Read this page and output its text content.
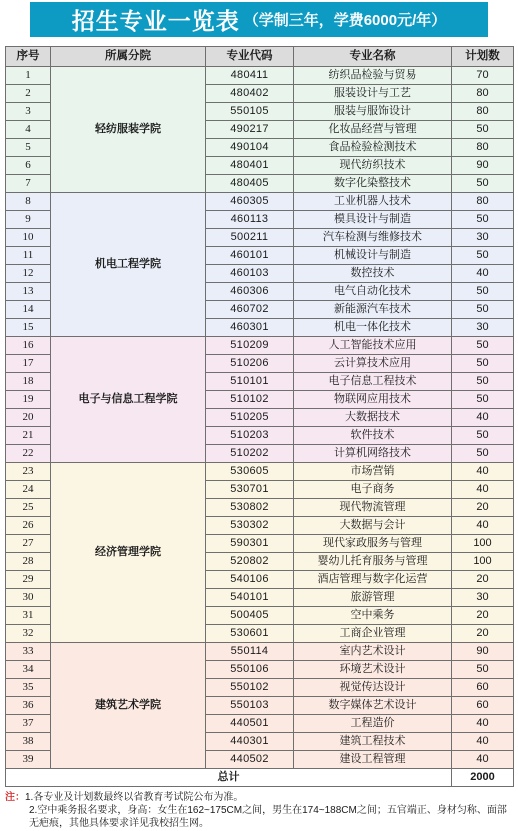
招生专业一览表 （学制三年，学费6000元/年）
序号	所属分院	专业代码	专业名称	计划数
1	轻纺服装学院	480411	纺织品检验与贸易	70
2		480402	服装设计与工艺	80
3		550105	服装与服饰设计	80
4		490217	化妆品经营与管理	50
5		490104	食品检验检测技术	80
6		480401	现代纺织技术	90
7		480405	数字化染整技术	50
8	机电工程学院	460305	工业机器人技术	80
9		460113	模具设计与制造	50
10		500211	汽车检测与维修技术	30
11		460101	机械设计与制造	50
12		460103	数控技术	40
13		460306	电气自动化技术	50
14		460702	新能源汽车技术	50
15		460301	机电一体化技术	30
16	电子与信息工程学院	510209	人工智能技术应用	50
17		510206	云计算技术应用	50
18		510101	电子信息工程技术	50
19		510102	物联网应用技术	50
20		510205	大数据技术	40
21		510203	软件技术	50
22		510202	计算机网络技术	50
23	经济管理学院	530605	市场营销	40
24		530701	电子商务	40
25		530802	现代物流管理	20
26		530302	大数据与会计	40
27		590301	现代家政服务与管理	100
28		520802	婴幼儿托育服务与管理	100
29		540106	酒店管理与数字化运营	20
30		540101	旅游管理	30
31		500405	空中乘务	20
32		530601	工商企业管理	20
33	建筑艺术学院	550114	室内艺术设计	90
34		550106	环境艺术设计	50
35		550102	视觉传达设计	60
36		550103	数字媒体艺术设计	60
37		440501	工程造价	40
38		440301	建筑工程技术	40
39		440502	建设工程管理	40
总计				2000
注：1.各专业及计划数最终以省教育考试院公布为准。
2.空中乘务报名要求，身高：女生在162~175CM之间，男生在174~188CM之间；五官端正、身材匀称、面部无疤痕，其他具体要求详见我校招生网。
